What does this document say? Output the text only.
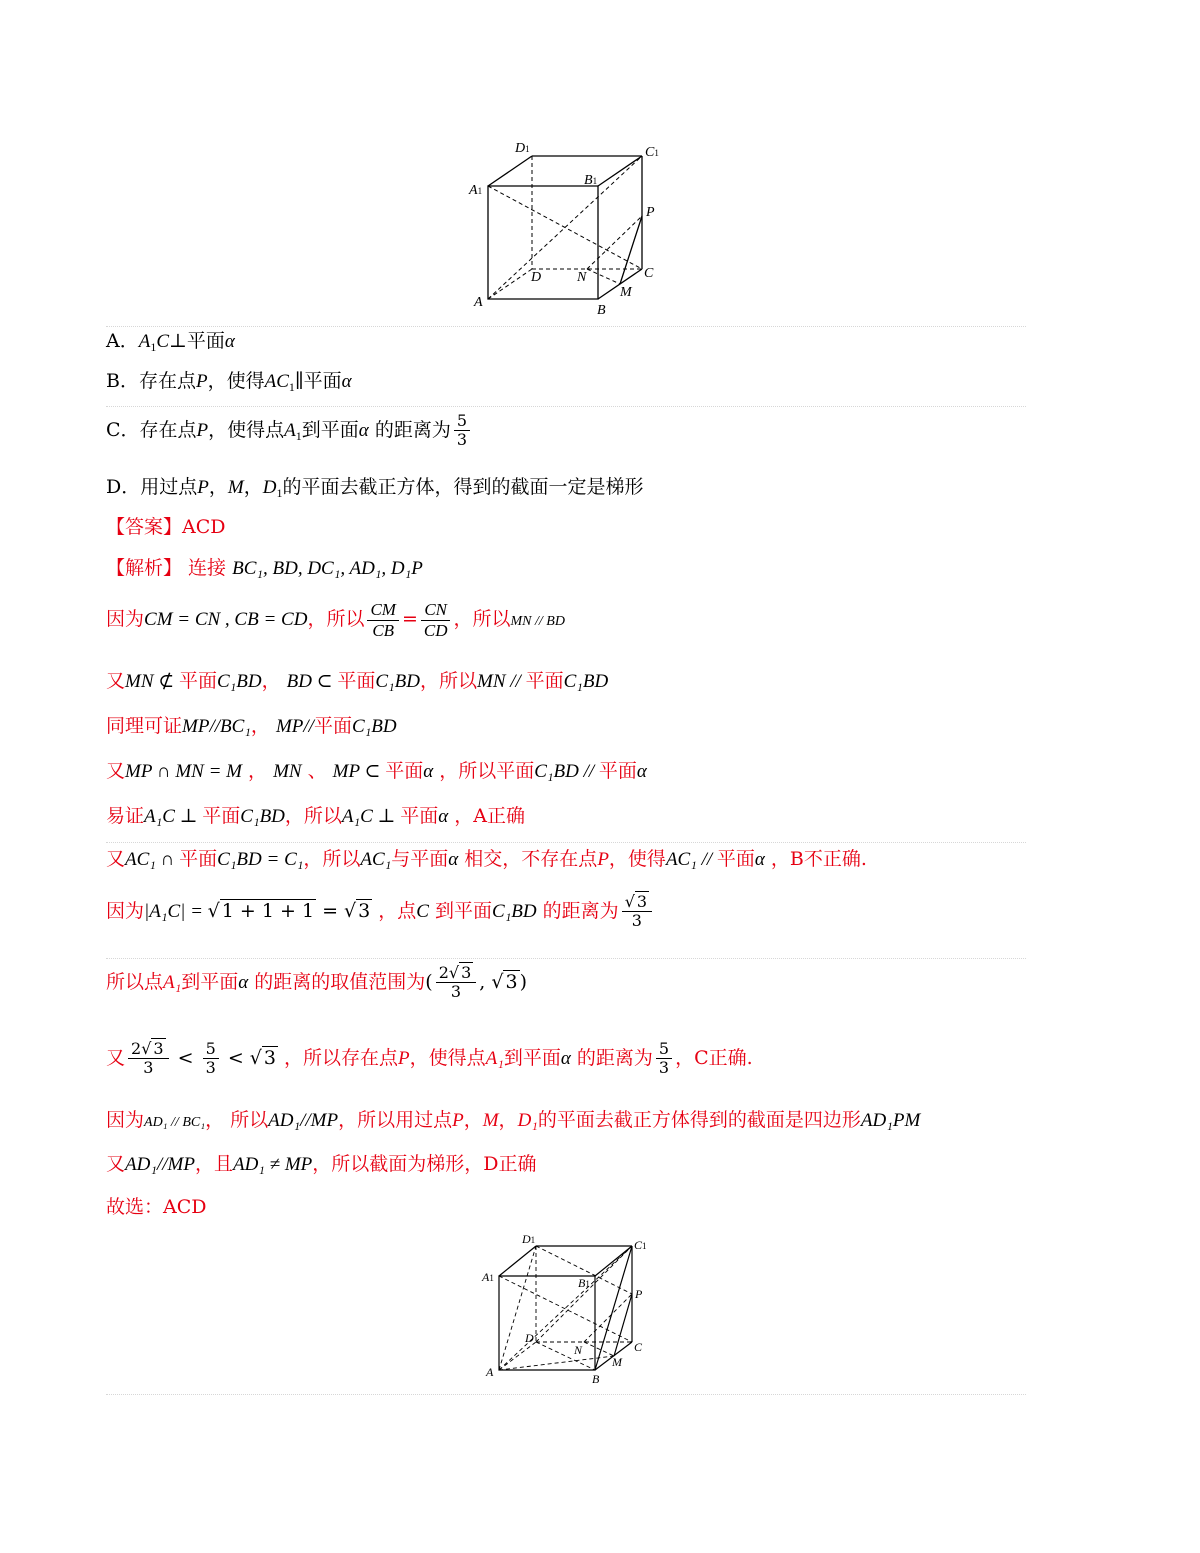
D1	C1
A1
B1
P
D	N	C
M
A
B
A．$A_1C\perp$平面α
B．存在点P，使得$AC_1\parallel$平面α
C．存在点P，使得点$A_1$到平面α 的距离为 $\frac{5}{3}$
D．用过点P，M，$D_1$的平面去截正方体，得到的截面一定是梯形
【答案】ACD
【解析】 连接 BC₁, BD, DC₁, AD₁, D₁P
因为CM = CN , CB = CD，所以 $\frac{CM}{CB} = \frac{CN}{CD}$ ，所以MN // BD
又MN ⊄ 平面C₁BD， BD ⊂ 平面C₁BD，所以MN // 平面C₁BD
同理可证MP//BC₁， MP//平面C₁BD
又MP ∩ MN = M ， MN 、 MP ⊂ 平面α ，所以平面C₁BD // 平面α
易证A₁C ⊥ 平面C₁BD，所以A₁C ⊥ 平面α ，A正确
又AC₁ ∩ 平面C₁BD = C₁，所以AC₁与平面α 相交，不存在点P，使得AC₁ // 平面α ，B不正确.
因为|A₁C| = √ 1 + 1 + 1 = √ 3 ，点C 到平面C₁BD 的距离为 $\frac{√ 3}{3}$
所以点A₁到平面α 的距离的取值范围为( $\frac{2√ 3}{3}$ , √ 3 )
又 $\frac{2√ 3}{3} < \frac{5}{3}$ < √ 3 ，所以存在点P，使得点A₁到平面α 的距离为 $\frac{5}{3}$ ，C正确.
因为AD₁ // BC₁， 所以AD₁//MP，所以用过点P，M，D₁的平面去截正方体得到的截面是四边形AD₁PM
又AD₁//MP，且AD₁ ≠ MP，所以截面为梯形，D正确
故选：ACD
D1	C1
A1	B1
P
D
N	C
M
A	B
